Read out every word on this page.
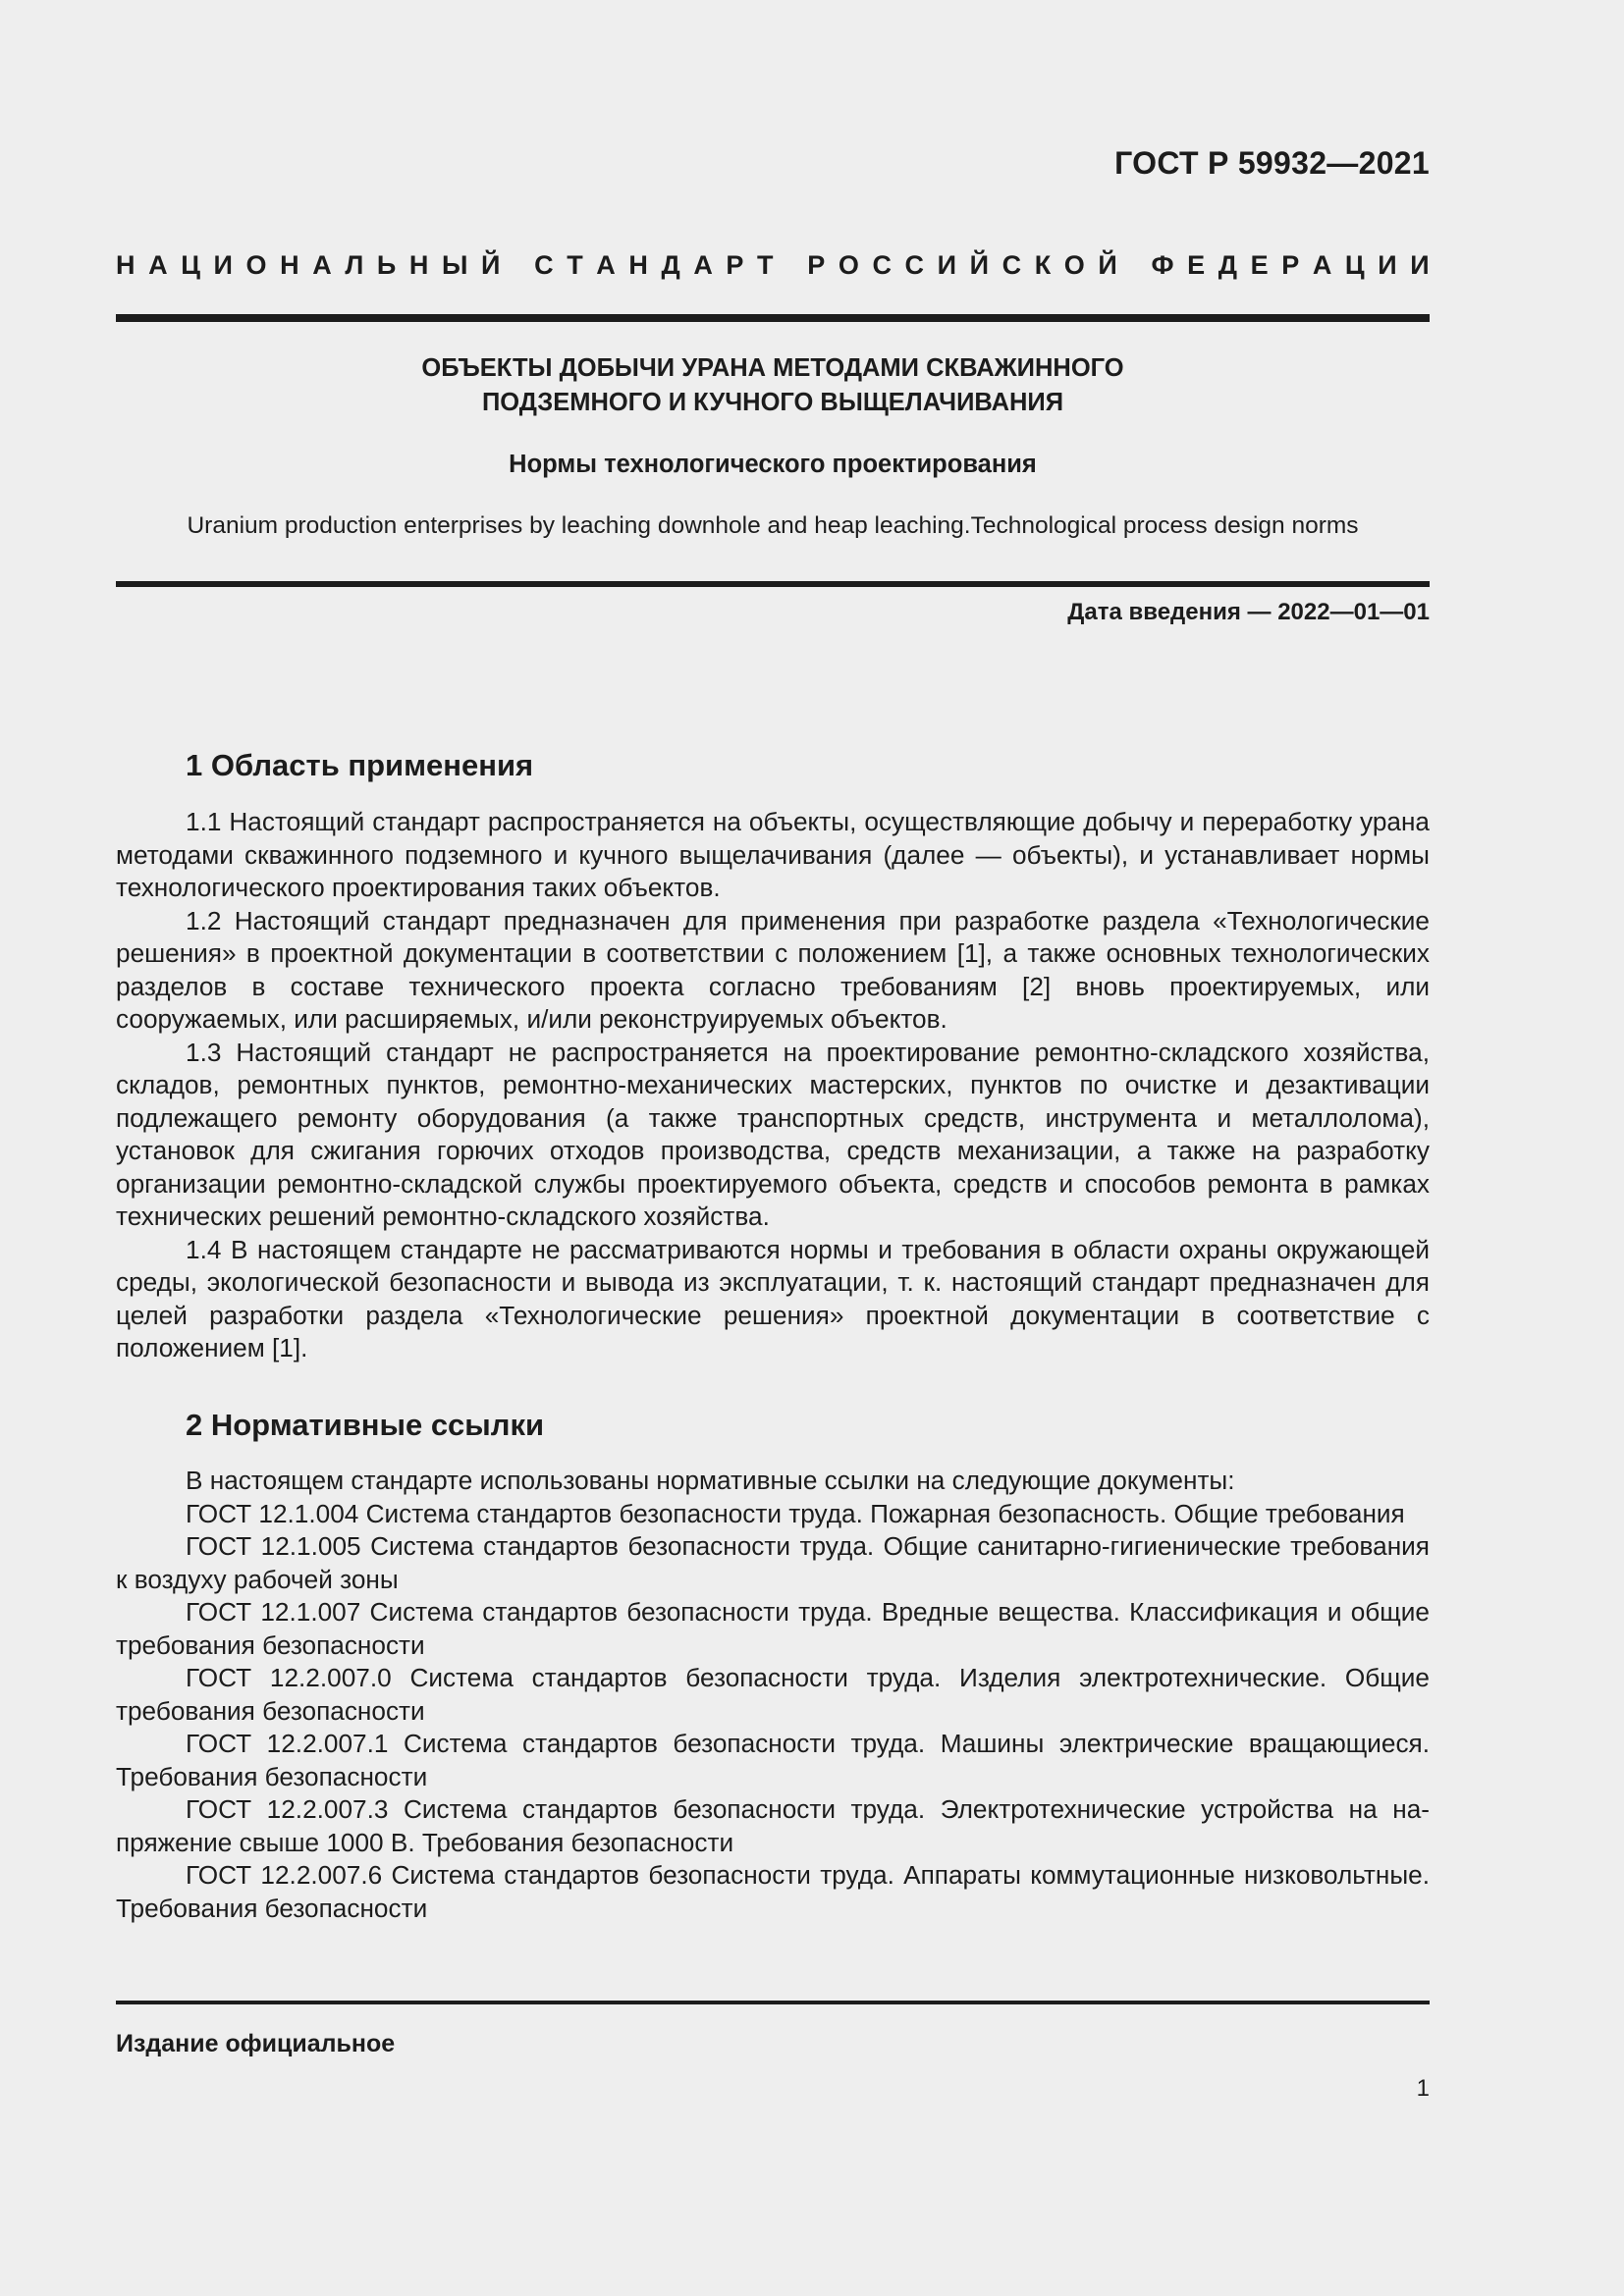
ГОСТ Р 59932—2021
Н А Ц И О Н А Л Ь Н Ы Й
С Т А Н Д А Р Т
Р О С С И Й С К О Й
Ф Е Д Е Р А Ц И И
ОБЪЕКТЫ ДОБЫЧИ УРАНА МЕТОДАМИ СКВАЖИННОГО
ПОДЗЕМНОГО И КУЧНОГО ВЫЩЕЛАЧИВАНИЯ
Нормы технологического проектирования
Uranium production enterprises by leaching downhole and heap leaching.Technological process design norms
Дата введения — 2022—01—01
1 Область применения

1.1 Настоящий стандарт распространяется на объекты, осуществляющие добычу и переработку урана методами скважинного подземного и кучного выщелачивания (далее — объекты), и устанавливает нормы технологического проектирования таких объектов.

1.2 Настоящий стандарт предназначен для применения при разработке раздела «Технологические решения» в проектной документации в соответствии с положением [1], а также основных технологических разделов в составе технического проекта согласно требованиям [2] вновь проектируемых, или сооружаемых, или расширяемых, и/или реконструируемых объектов.

1.3 Настоящий стандарт не распространяется на проектирование ремонтно-складского хозяйства, складов, ремонтных пунктов, ремонтно-механических мастерских, пунктов по очистке и дезактивации подлежащего ремонту оборудования (а также транспортных средств, инструмента и металлолома), установок для сжигания горючих отходов производства, средств механизации, а также на разработку организации ремонтно-складской службы проектируемого объекта, средств и способов ремонта в рамках технических решений ремонтно-складского хозяйства.

1.4 В настоящем стандарте не рассматриваются нормы и требования в области охраны окружающей среды, экологической безопасности и вывода из эксплуатации, т. к. настоящий стандарт предназначен для целей разработки раздела «Технологические решения» проектной документации в соответствие с положением [1].

2 Нормативные ссылки

В настоящем стандарте использованы нормативные ссылки на следующие документы:

ГОСТ 12.1.004 Система стандартов безопасности труда. Пожарная безопасность. Общие требования

ГОСТ 12.1.005 Система стандартов безопасности труда. Общие санитарно-гигиенические требования к воздуху рабочей зоны

ГОСТ 12.1.007 Система стандартов безопасности труда. Вредные вещества. Классификация и общие требования безопасности

ГОСТ 12.2.007.0 Система стандартов безопасности труда. Изделия электротехнические. Общие требования безопасности

ГОСТ 12.2.007.1 Система стандартов безопасности труда. Машины электрические вращающиеся. Требования безопасности

ГОСТ 12.2.007.3 Система стандартов безопасности труда. Электротехнические устройства на напряжение свыше 1000 В. Требования безопасности

ГОСТ 12.2.007.6 Система стандартов безопасности труда. Аппараты коммутационные низковольтные. Требования безопасности

Издание официальное
1
